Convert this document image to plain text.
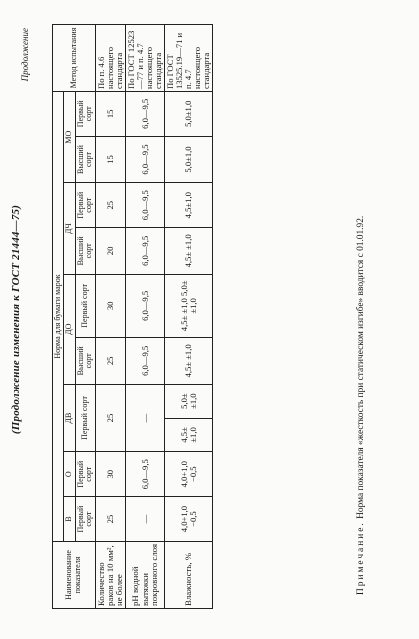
(Продолжение изменения к ГОСТ 21444—75)
Продолжение
Наименование показателя	Норма для бумаги марок										Метод испытания
	В	О	ДВ		ДО		ДЧ		МО		
	Первый сорт	Первый сорт	Первый сорт		Высший сорт	Первый сорт	Высший сорт	Первый сорт	Высший сорт	Первый сорт	
Количество раков на 10 мм², не более	25	30	25		25	30	20	25	15	15	По п. 4.6 настоящего стандарта
pH водной вытяжки покровного слоя	—	6,0—9,5	—		6,0—9,5	6,0—9,5	6,0—9,5	6,0—9,5	6,0—9,5	6,0—9,5	По ГОСТ 12523—77 и п. 4.7 настоящего стандарта
Влажность, %	4,0+1,0 −0,5	4,0+1,0 −0,5	4,5± ±1,0	5,0± ±1,0	4,5± ±1,0	4,5± ±1,0 5,0± ±1,0	4,5± ±1,0	4,5±1,0	5,0±1,0	5,0±1,0	По ГОСТ 13525.19—71 и п. 4.7 настоящего стандарта
Примечание. Норма показателя «жесткость при статическом изгибе» вводится с 01.01.92.
